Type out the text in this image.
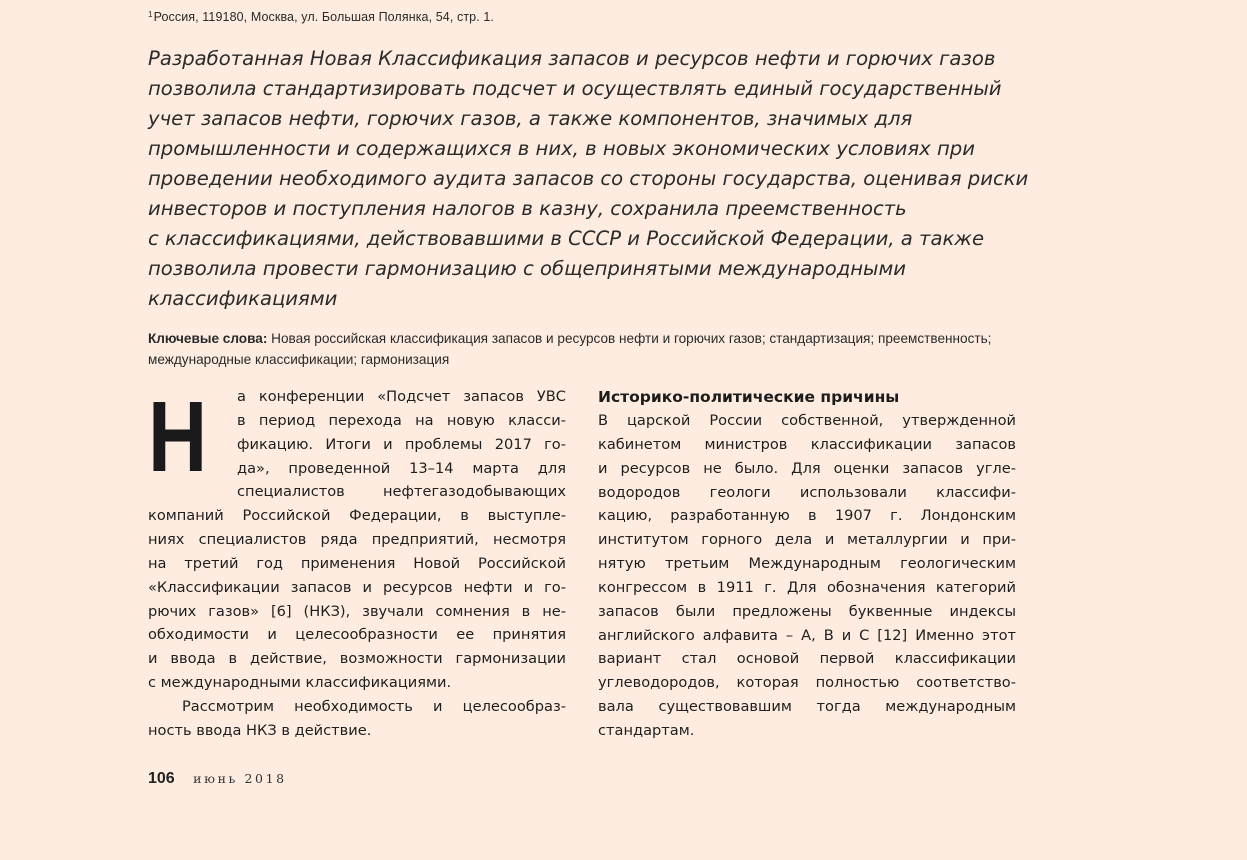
$^1$Россия, 119180, Москва, ул. Большая Полянка, 54, стр. 1.
Разработанная Новая Классификация запасов и ресурсов нефти и горючих газов
позволила стандартизировать подсчет и осуществлять единый государственный
учет запасов нефти, горючих газов, а также компонентов, значимых для
промышленности и содержащихся в них, в новых экономических условиях при
проведении необходимого аудита запасов со стороны государства, оценивая риски
инвесторов и поступления налогов в казну, сохранила преемственность
с классификациями, действовавшими в СССР и Российской Федерации, а также
позволила провести гармонизацию с общепринятыми международными
классификациями
Ключевые слова: Новая российская классификация запасов и ресурсов нефти и горючих газов; стандартизация; преемственность;
международные классификации; гармонизация
Н	а конференции «Подсчет запасов УВС
в период перехода на новую класси-
фикацию. Итоги и проблемы 2017 го-
да», проведенной 13–14 марта для
специалистов нефтегазодобывающих
компаний Российской Федерации, в выступле-
ниях специалистов ряда предприятий, несмотря
на третий год применения Новой Российской
«Классификации запасов и ресурсов нефти и го-
рючих газов» [6] (НКЗ), звучали сомнения в не-
обходимости и целесообразности ее принятия
и ввода в действие, возможности гармонизации
с международными классификациями.
Рассмотрим необходимость и целесообраз-
ность ввода НКЗ в действие.
Историко-политические причины
В царской России собственной, утвержденной
кабинетом министров классификации запасов
и ресурсов не было. Для оценки запасов угле-
водородов геологи использовали классифи-
кацию, разработанную в 1907 г. Лондонским
институтом горного дела и металлургии и при-
нятую третьим Международным геологическим
конгрессом в 1911 г. Для обозначения категорий
запасов были предложены буквенные индексы
английского алфавита – А, В и С [12] Именно этот
вариант стал основой первой классификации
углеводородов, которая полностью соответство-
вала существовавшим тогда международным
стандартам.
106 июнь 2018
